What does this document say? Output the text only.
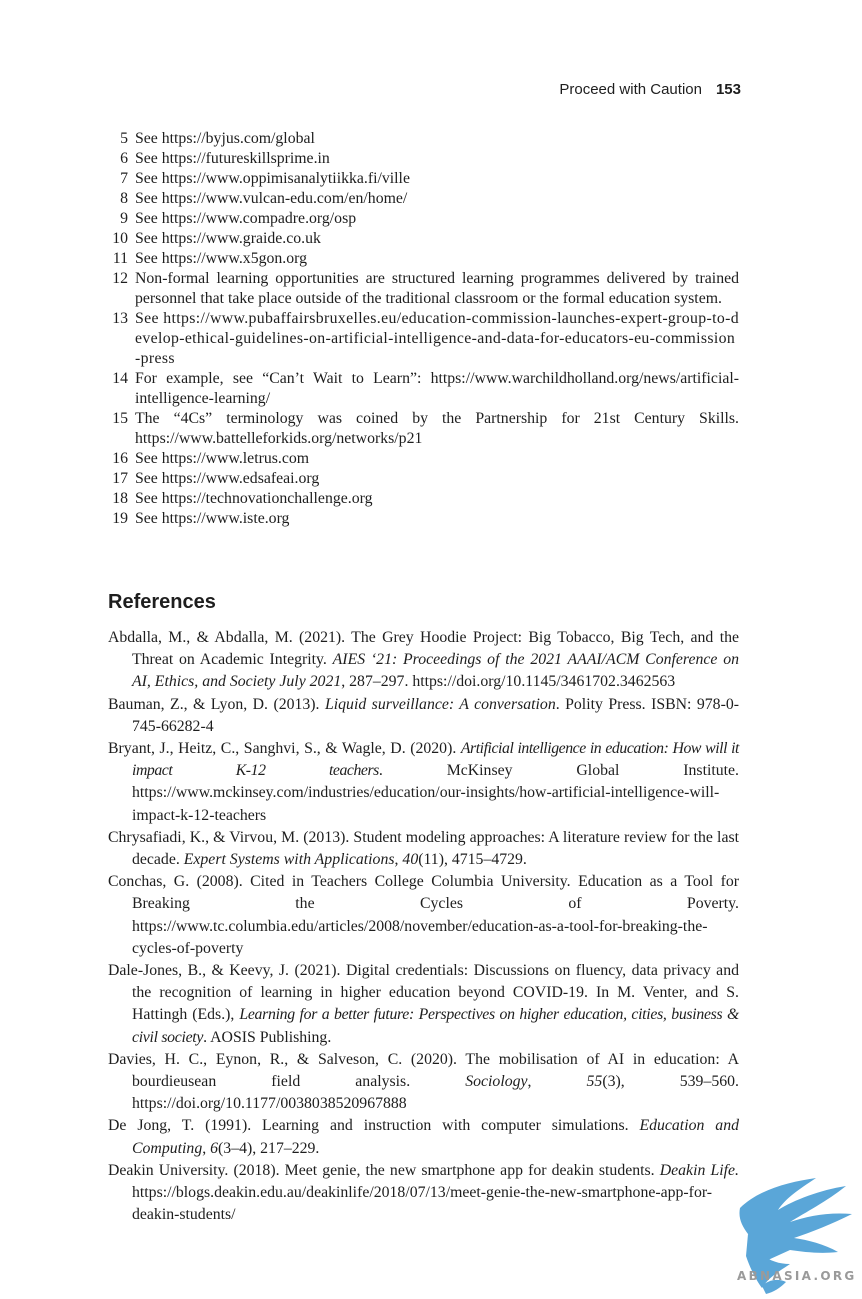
Proceed with Caution 153
5 See https://byjus.com/global
6 See https://futureskillsprime.in
7 See https://www.oppimisanalytiikka.fi/ville
8 See https://www.vulcan-edu.com/en/home/
9 See https://www.compadre.org/osp
10 See https://www.graide.co.uk
11 See https://www.x5gon.org
12 Non-formal learning opportunities are structured learning programmes delivered by trained personnel that take place outside of the traditional classroom or the formal education system.
13 See https://www.pubaffairsbruxelles.eu/education-commission-launches-expert-group-to-develop-ethical-guidelines-on-artificial-intelligence-and-data-for-educators-eu-commission-press
14 For example, see “Can’t Wait to Learn”: https://www.warchildholland.org/news/artificial-intelligence-learning/
15 The “4Cs” terminology was coined by the Partnership for 21st Century Skills. https://www.battelleforkids.org/networks/p21
16 See https://www.letrus.com
17 See https://www.edsafeai.org
18 See https://technovationchallenge.org
19 See https://www.iste.org
References
Abdalla, M., & Abdalla, M. (2021). The Grey Hoodie Project: Big Tobacco, Big Tech, and the Threat on Academic Integrity. AIES ‘21: Proceedings of the 2021 AAAI/ACM Conference on AI, Ethics, and Society July 2021, 287–297. https://doi.org/10.1145/3461702.3462563
Bauman, Z., & Lyon, D. (2013). Liquid surveillance: A conversation. Polity Press. ISBN: 978-0-745-66282-4
Bryant, J., Heitz, C., Sanghvi, S., & Wagle, D. (2020). Artificial intelligence in education: How will it impact K-12 teachers. McKinsey Global Institute. https://www.mckinsey.com/industries/education/our-insights/how-artificial-intelligence-will-impact-k-12-teachers
Chrysafiadi, K., & Virvou, M. (2013). Student modeling approaches: A literature review for the last decade. Expert Systems with Applications, 40(11), 4715–4729.
Conchas, G. (2008). Cited in Teachers College Columbia University. Education as a Tool for Breaking the Cycles of Poverty. https://www.tc.columbia.edu/articles/2008/november/education-as-a-tool-for-breaking-the-cycles-of-poverty
Dale-Jones, B., & Keevy, J. (2021). Digital credentials: Discussions on fluency, data privacy and the recognition of learning in higher education beyond COVID-19. In M. Venter, and S. Hattingh (Eds.), Learning for a better future: Perspectives on higher education, cities, business & civil society. AOSIS Publishing.
Davies, H. C., Eynon, R., & Salveson, C. (2020). The mobilisation of AI in education: A bourdieusean field analysis. Sociology, 55(3), 539–560. https://doi.org/10.1177/0038038520967888
De Jong, T. (1991). Learning and instruction with computer simulations. Education and Computing, 6(3–4), 217–229.
Deakin University. (2018). Meet genie, the new smartphone app for deakin students. Deakin Life. https://blogs.deakin.edu.au/deakinlife/2018/07/13/meet-genie-the-new-smartphone-app-for-deakin-students/
ABNASIA.ORG
